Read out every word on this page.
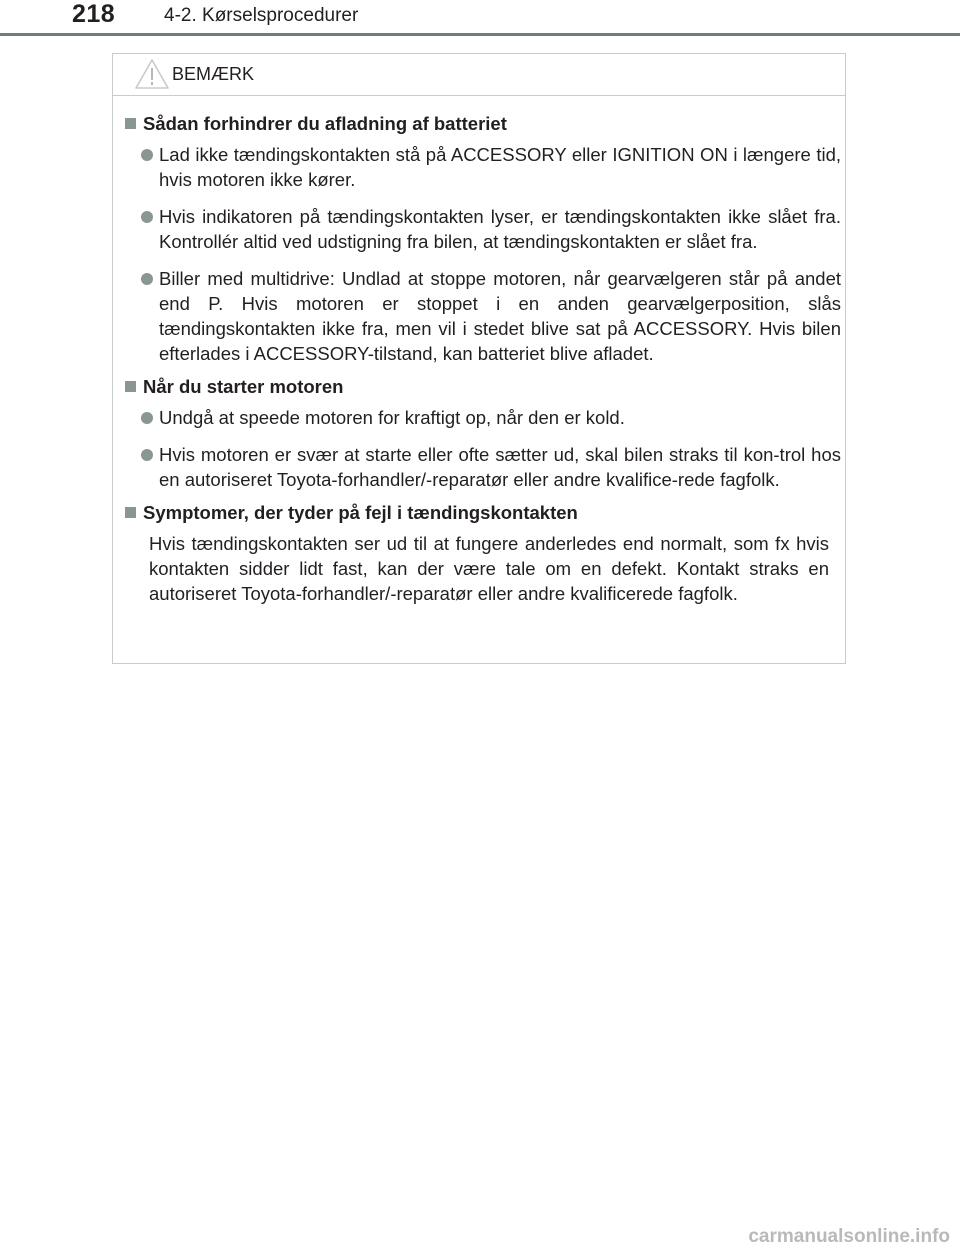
218	4-2. Kørselsprocedurer
BEMÆRK
Sådan forhindrer du afladning af batteriet
Lad ikke tændingskontakten stå på ACCESSORY eller IGNITION ON i længere tid, hvis motoren ikke kører.
Hvis indikatoren på tændingskontakten lyser, er tændingskontakten ikke slået fra. Kontrollér altid ved udstigning fra bilen, at tændingskontakten er slået fra.
Biller med multidrive: Undlad at stoppe motoren, når gearvælgeren står på andet end P. Hvis motoren er stoppet i en anden gearvælgerposition, slås tændingskontakten ikke fra, men vil i stedet blive sat på ACCESSORY. Hvis bilen efterlades i ACCESSORY-tilstand, kan batteriet blive afladet.
Når du starter motoren
Undgå at speede motoren for kraftigt op, når den er kold.
Hvis motoren er svær at starte eller ofte sætter ud, skal bilen straks til kon-trol hos en autoriseret Toyota-forhandler/-reparatør eller andre kvalifice-rede fagfolk.
Symptomer, der tyder på fejl i tændingskontakten
Hvis tændingskontakten ser ud til at fungere anderledes end normalt, som fx hvis kontakten sidder lidt fast, kan der være tale om en defekt. Kontakt straks en autoriseret Toyota-forhandler/-reparatør eller andre kvalificerede fagfolk.
carmanualsonline.info
